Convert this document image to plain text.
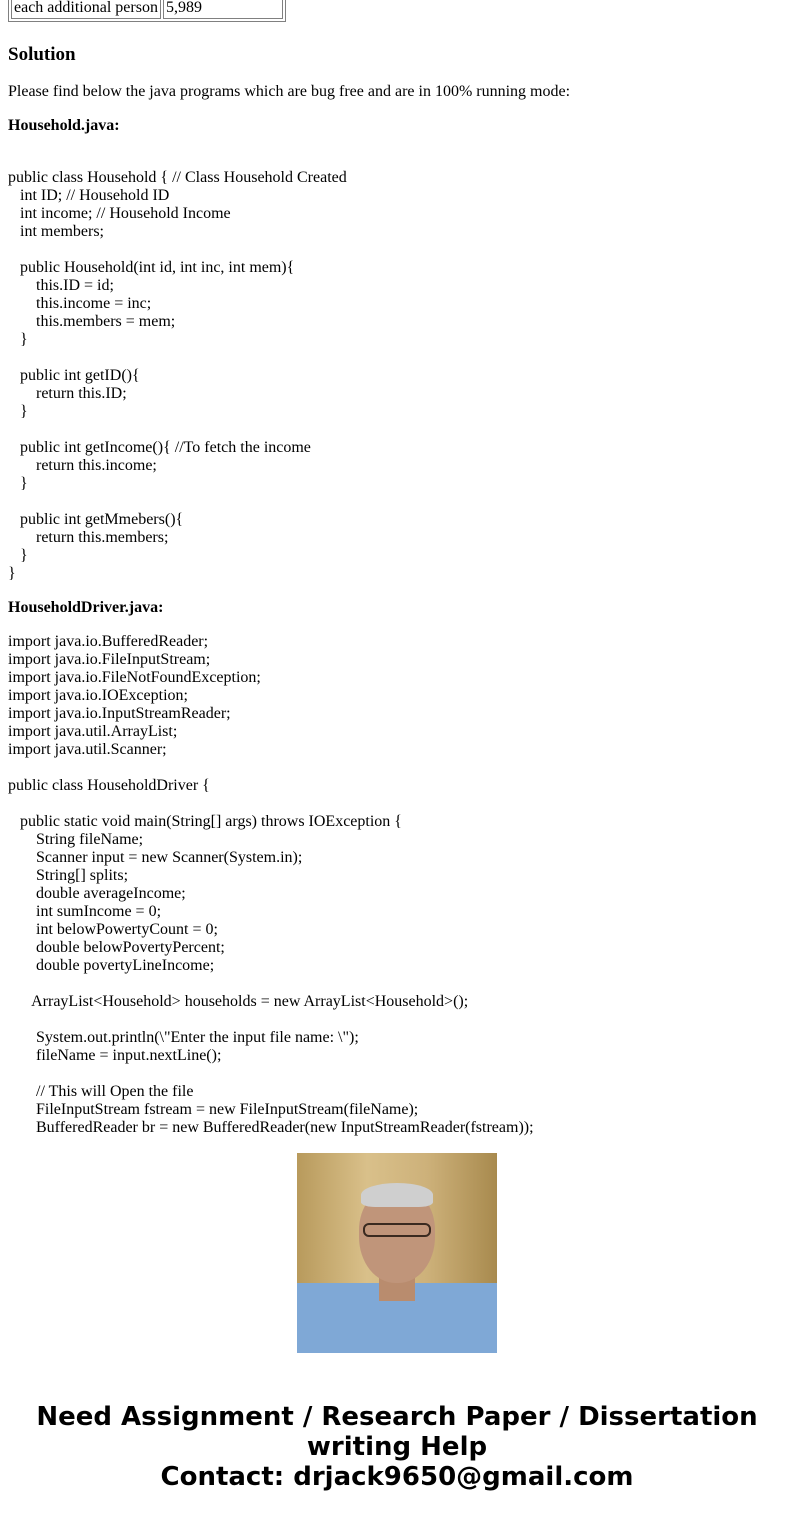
each additional person	5,989
Solution

Please find below the java programs which are bug free and are in 100% running mode:

Household.java:

public class Household { // Class Household Created
int ID; // Household ID
int income; // Household Income
int members;

public Household(int id, int inc, int mem){
this.ID = id;
this.income = inc;
this.members = mem;
}

public int getID(){
return this.ID;
}

public int getIncome(){ //To fetch the income
return this.income;
}

public int getMmebers(){
return this.members;
}
}

HouseholdDriver.java:

import java.io.BufferedReader;
import java.io.FileInputStream;
import java.io.FileNotFoundException;
import java.io.IOException;
import java.io.InputStreamReader;
import java.util.ArrayList;
import java.util.Scanner;

public class HouseholdDriver {

public static void main(String[] args) throws IOException {
String fileName;
Scanner input = new Scanner(System.in);
String[] splits;
double averageIncome;
int sumIncome = 0;
int belowPowertyCount = 0;
double belowPovertyPercent;
double povertyLineIncome;

ArrayList<Household> households = new ArrayList<Household>();

System.out.println(\"Enter the input file name: \");
fileName = input.nextLine();

// This will Open the file
FileInputStream fstream = new FileInputStream(fileName);
BufferedReader br = new BufferedReader(new InputStreamReader(fstream));
Need Assignment / Research Paper / Dissertation
writing Help
Contact: drjack9650@gmail.com
